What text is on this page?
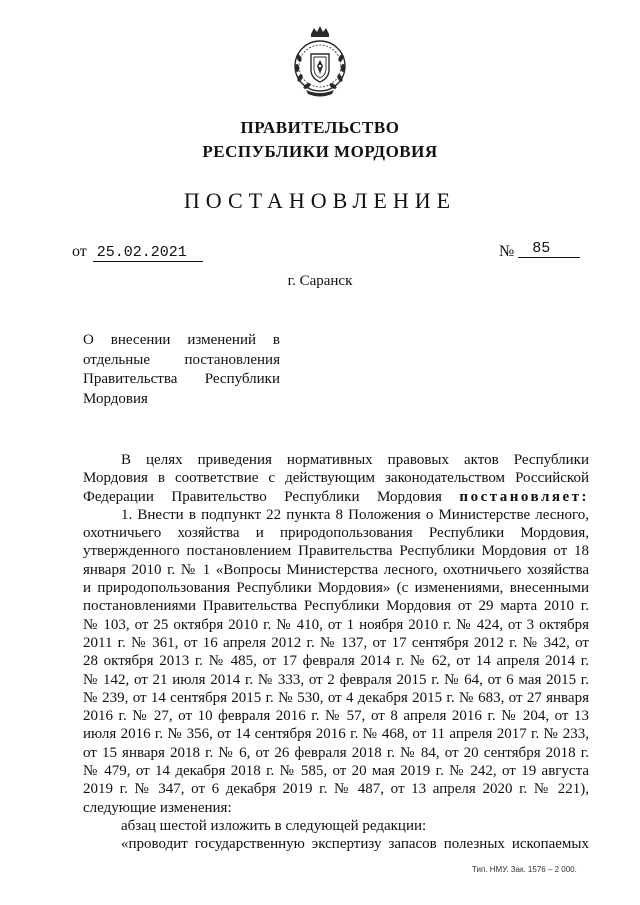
ПРАВИТЕЛЬСТВО
РЕСПУБЛИКИ МОРДОВИЯ
ПОСТАНОВЛЕНИЕ
от 25.02.2021	№ 85
г. Саранск
О внесении изменений в
отдельные постановления
Правительства Республики
Мордовия
В целях приведения нормативных правовых актов Республики
Мордовия в соответствие с действующим законодательством Российской
Федерации Правительство Республики Мордовия постановляет:
1. Внести в подпункт 22 пункта 8 Положения о Министерстве лесного,
охотничьего хозяйства и природопользования Республики Мордовия,
утвержденного постановлением Правительства Республики Мордовия от 18
января 2010 г. № 1 «Вопросы Министерства лесного, охотничьего хозяйства
и природопользования Республики Мордовия» (с изменениями, внесенными
постановлениями Правительства Республики Мордовия от 29 марта 2010 г.
№ 103, от 25 октября 2010 г. № 410, от 1 ноября 2010 г. № 424, от 3 октября
2011 г. № 361, от 16 апреля 2012 г. № 137, от 17 сентября 2012 г. № 342, от
28 октября 2013 г. № 485, от 17 февраля 2014 г. № 62, от 14 апреля 2014 г.
№ 142, от 21 июля 2014 г. № 333, от 2 февраля 2015 г. № 64, от 6 мая 2015 г.
№ 239, от 14 сентября 2015 г. № 530, от 4 декабря 2015 г. № 683, от 27 января
2016 г. № 27, от 10 февраля 2016 г. № 57, от 8 апреля 2016 г. № 204, от 13
июля 2016 г. № 356, от 14 сентября 2016 г. № 468, от 11 апреля 2017 г. № 233,
от 15 января 2018 г. № 6, от 26 февраля 2018 г. № 84, от 20 сентября 2018 г.
№ 479, от 14 декабря 2018 г. № 585, от 20 мая 2019 г. № 242, от 19 августа
2019 г. № 347, от 6 декабря 2019 г. № 487, от 13 апреля 2020 г. № 221),
следующие изменения:
абзац шестой изложить в следующей редакции:
«проводит государственную экспертизу запасов полезных ископаемых
Тип. НМУ. Зак. 1576 – 2 000.
